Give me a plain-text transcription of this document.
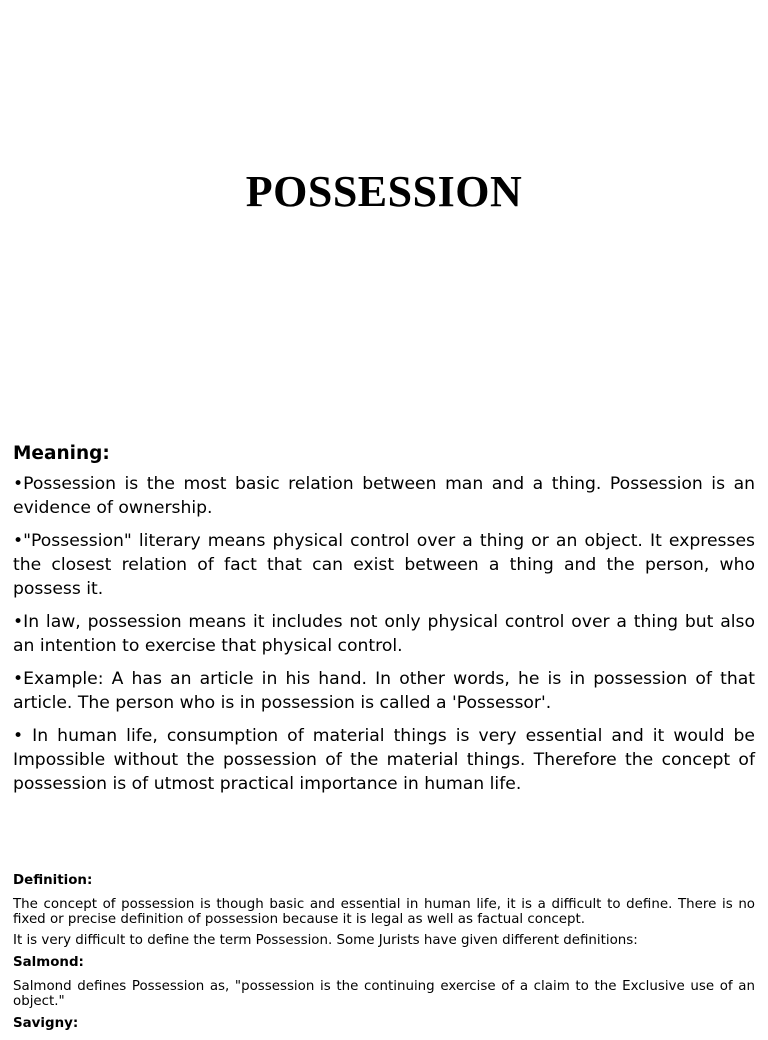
POSSESSION
Meaning:

•Possession is the most basic relation between man and a thing. Possession is an evidence of ownership.

•"Possession" literary means physical control over a thing or an object. It expresses the closest relation of fact that can exist between a thing and the person, who possess it.

•In law, possession means it includes not only physical control over a thing but also an intention to exercise that physical control.

•Example: A has an article in his hand. In other words, he is in possession of that article. The person who is in possession is called a 'Possessor'.

• In human life, consumption of material things is very essential and it would be Impossible without the possession of the material things. Therefore the concept of possession is of utmost practical importance in human life.

Definition:

The concept of possession is though basic and essential in human life, it is a difficult to define. There is no fixed or precise definition of possession because it is legal as well as factual concept.

It is very difficult to define the term Possession. Some Jurists have given different definitions:

Salmond:

Salmond defines Possession as, "possession is the continuing exercise of a claim to the Exclusive use of an object."

Savigny:
